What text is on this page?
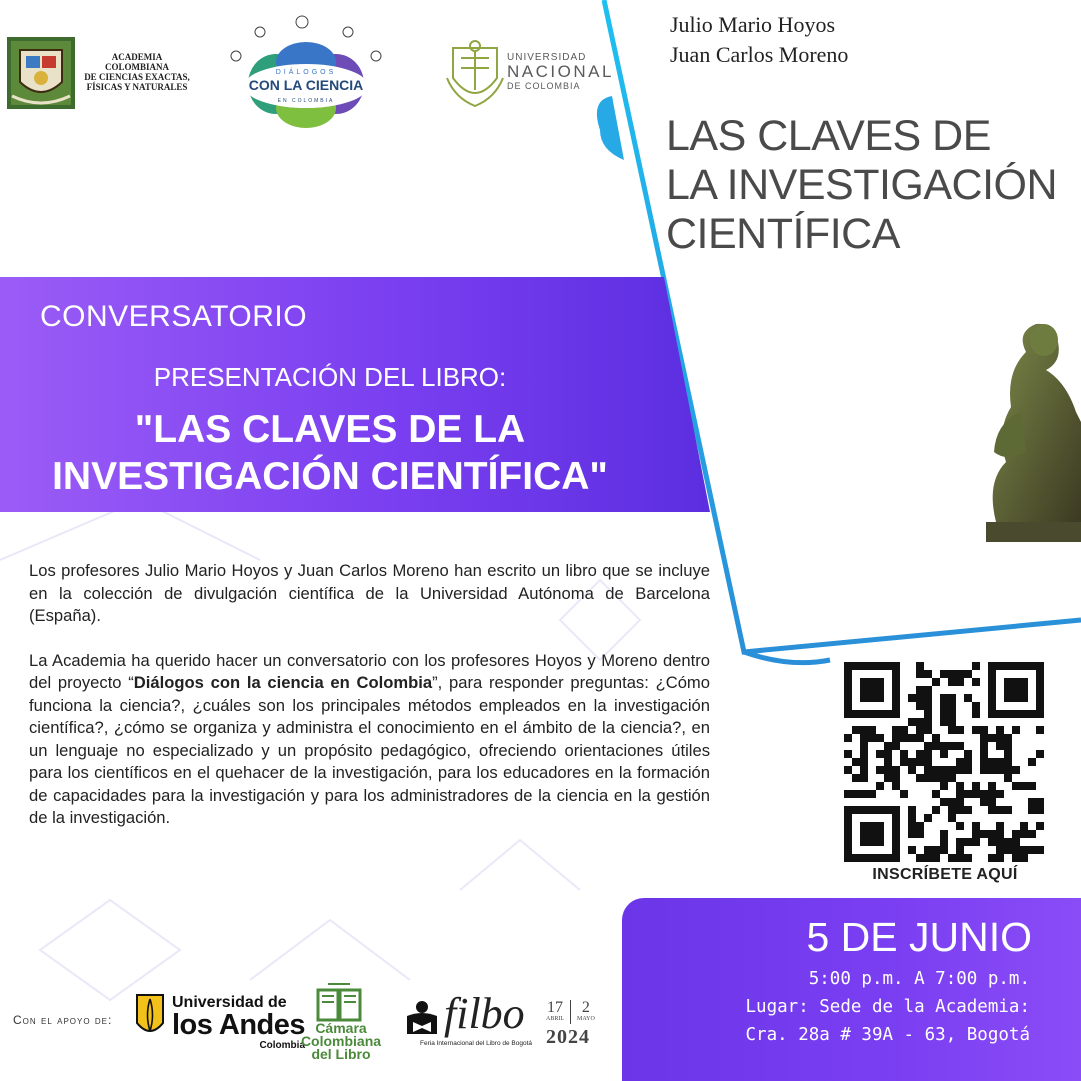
ACADEMIA COLOMBIANA
DE CIENCIAS EXACTAS,
FÍSICAS Y NATURALES
DIÁLOGOS
CON LA CIENCIA
EN COLOMBIA
UNIVERSIDAD
NACIONAL
DE COLOMBIA
Julio Mario Hoyos
Juan Carlos Moreno
LAS CLAVES DE
LA INVESTIGACIÓN
CIENTÍFICA
CONVERSATORIO
PRESENTACIÓN DEL LIBRO:
"LAS CLAVES DE LA
INVESTIGACIÓN CIENTÍFICA"

Los profesores Julio Mario Hoyos y Juan Carlos Moreno han escrito un libro que se incluye en la colección de divulgación científica de la Universidad Autónoma de Barcelona (España).

La Academia ha querido hacer un conversatorio con los profesores Hoyos y Moreno dentro del proyecto “Diálogos con la ciencia en Colombia”, para responder preguntas: ¿Cómo funciona la ciencia?, ¿cuáles son los principales métodos empleados en la investigación científica?, ¿cómo se organiza y administra el conocimiento en el ámbito de la ciencia?, en un lenguaje no especializado y un propósito pedagógico, ofreciendo orientaciones útiles para los científicos en el quehacer de la investigación, para los educadores en la formación de capacidades para la investigación y para los administradores de la ciencia en la gestión de la investigación.

INSCRÍBETE AQUÍ
5 DE JUNIO
5:00 p.m. A 7:00 p.m.
Lugar: Sede de la Academia:
Cra. 28a # 39A - 63, Bogotá
Con el apoyo de:
Universidad de
los Andes
Colombia
Cámara
Colombiana
del Libro
filbo
Feria Internacional del Libro de Bogotá
17
ABRIL
2
MAYO
2024
